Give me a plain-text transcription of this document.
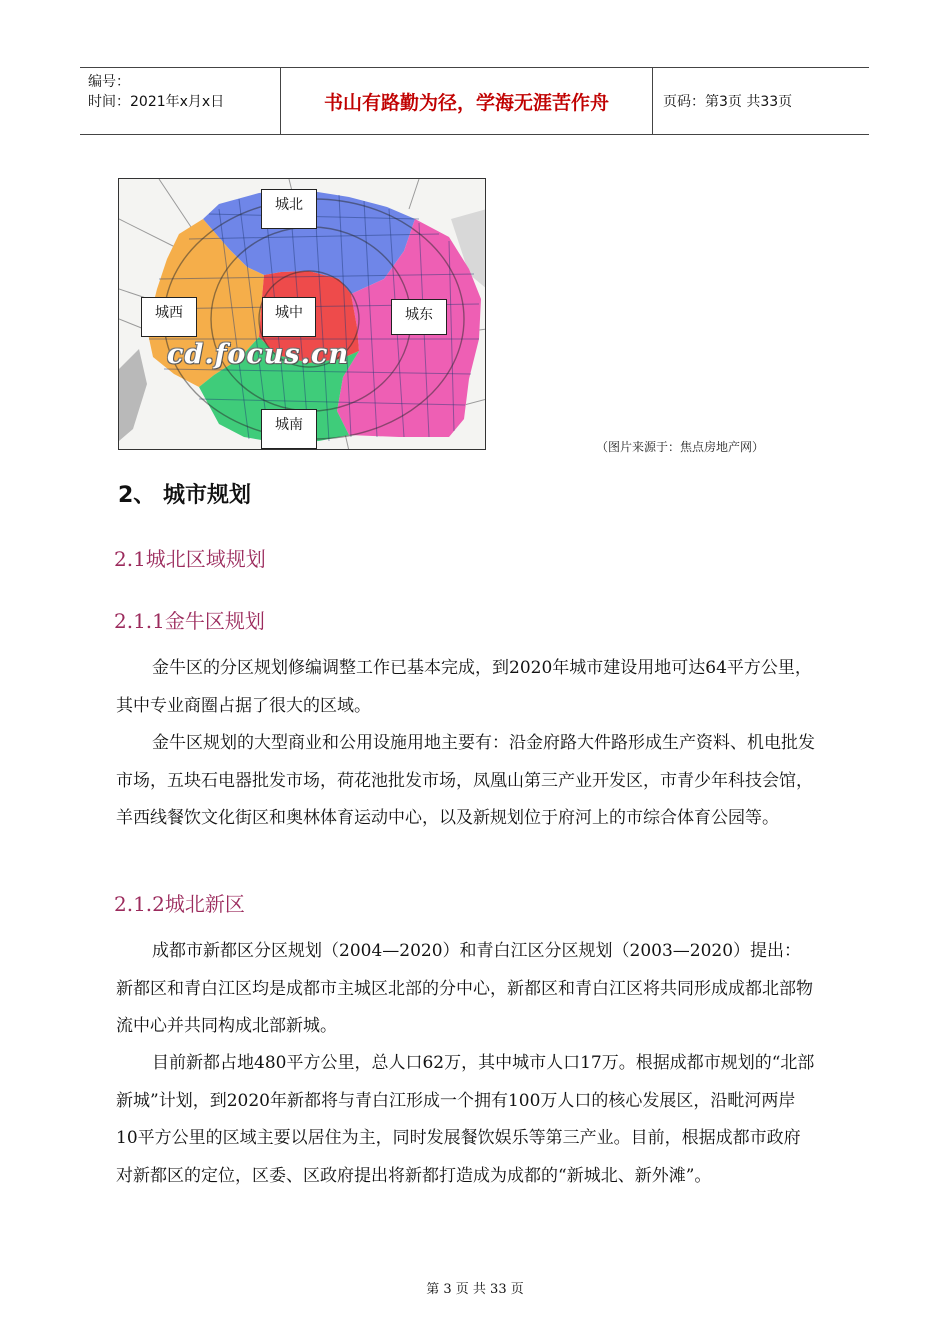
编号：
时间：2021年x月x日	书山有路勤为径，学海无涯苦作舟	页码：第3页 共33页
城北
城西	城中	城东
城南
cd.focus.cn
（图片来源于：焦点房地产网）
2、 城市规划
2.1城北区域规划
2.1.1金牛区规划

金牛区的分区规划修编调整工作已基本完成，到2020年城市建设用地可达64平方公里，其中专业商圈占据了很大的区域。

金牛区规划的大型商业和公用设施用地主要有：沿金府路大件路形成生产资料、机电批发市场，五块石电器批发市场，荷花池批发市场，凤凰山第三产业开发区，市青少年科技会馆，羊西线餐饮文化街区和奥林体育运动中心，以及新规划位于府河上的市综合体育公园等。

2.1.2城北新区

成都市新都区分区规划（2004—2020）和青白江区分区规划（2003—2020）提出：新都区和青白江区均是成都市主城区北部的分中心，新都区和青白江区将共同形成成都北部物流中心并共同构成北部新城。

目前新都占地480平方公里，总人口62万，其中城市人口17万。根据成都市规划的“北部新城”计划，到2020年新都将与青白江形成一个拥有100万人口的核心发展区，沿毗河两岸10平方公里的区域主要以居住为主，同时发展餐饮娱乐等第三产业。目前，根据成都市政府对新都区的定位，区委、区政府提出将新都打造成为成都的“新城北、新外滩”。

第 3 页 共 33 页
